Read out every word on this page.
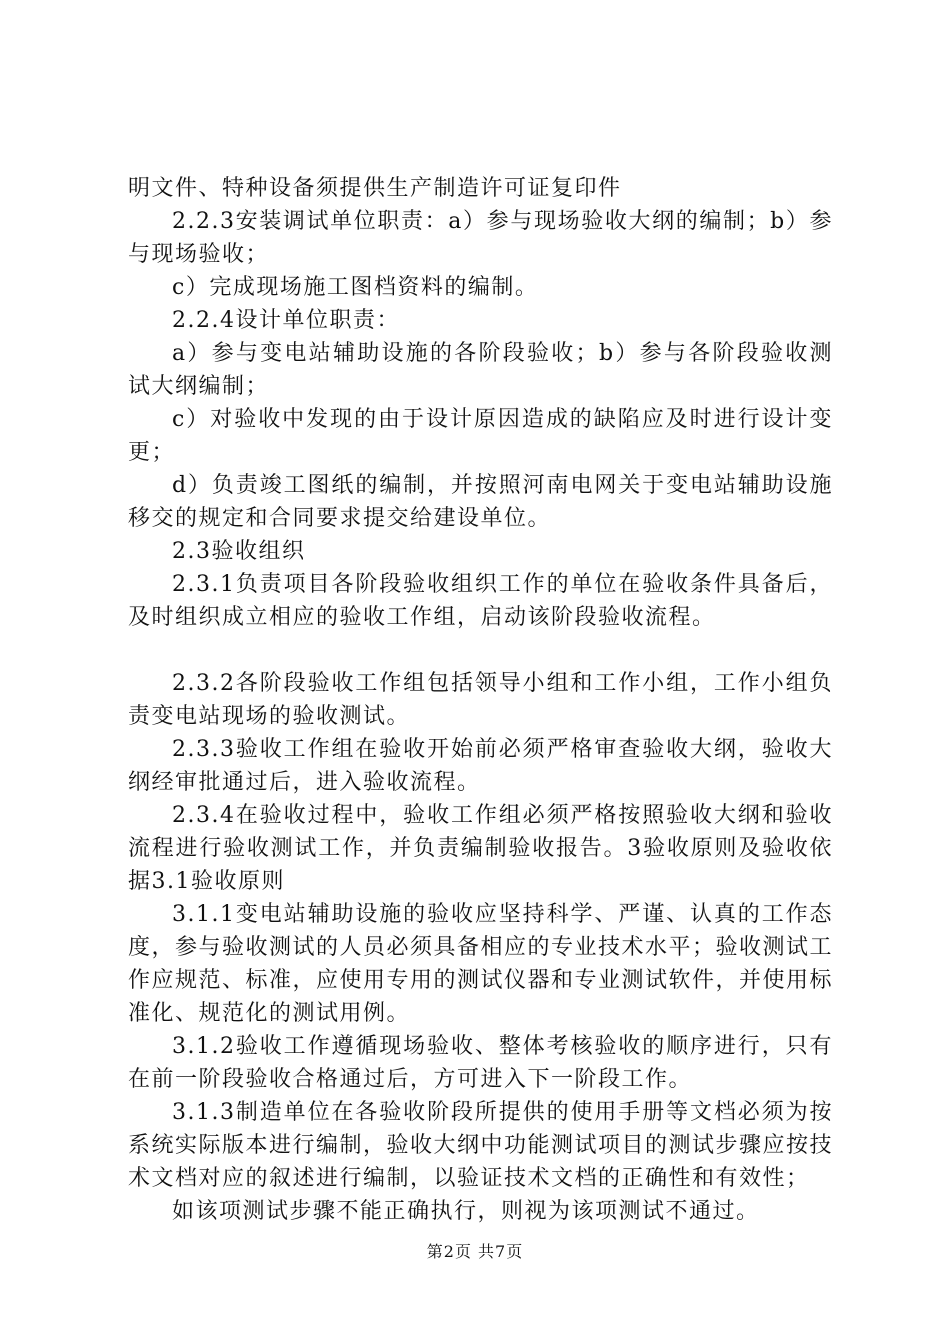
明文件、特种设备须提供生产制造许可证复印件

2.2.3安装调试单位职责：a）参与现场验收大纲的编制；b）参与现场验收；

c）完成现场施工图档资料的编制。

2.2.4设计单位职责：

a）参与变电站辅助设施的各阶段验收；b）参与各阶段验收测试大纲编制；

c）对验收中发现的由于设计原因造成的缺陷应及时进行设计变更；

d）负责竣工图纸的编制，并按照河南电网关于变电站辅助设施移交的规定和合同要求提交给建设单位。

2.3验收组织

2.3.1负责项目各阶段验收组织工作的单位在验收条件具备后，及时组织成立相应的验收工作组，启动该阶段验收流程。

2.3.2各阶段验收工作组包括领导小组和工作小组，工作小组负责变电站现场的验收测试。

2.3.3验收工作组在验收开始前必须严格审查验收大纲，验收大纲经审批通过后，进入验收流程。

2.3.4在验收过程中，验收工作组必须严格按照验收大纲和验收流程进行验收测试工作，并负责编制验收报告。3验收原则及验收依据3.1验收原则

3.1.1变电站辅助设施的验收应坚持科学、严谨、认真的工作态度，参与验收测试的人员必须具备相应的专业技术水平；验收测试工作应规范、标准，应使用专用的测试仪器和专业测试软件，并使用标准化、规范化的测试用例。

3.1.2验收工作遵循现场验收、整体考核验收的顺序进行，只有在前一阶段验收合格通过后，方可进入下一阶段工作。

3.1.3制造单位在各验收阶段所提供的使用手册等文档必须为按系统实际版本进行编制，验收大纲中功能测试项目的测试步骤应按技术文档对应的叙述进行编制，以验证技术文档的正确性和有效性；

如该项测试步骤不能正确执行，则视为该项测试不通过。

第2页 共7页
